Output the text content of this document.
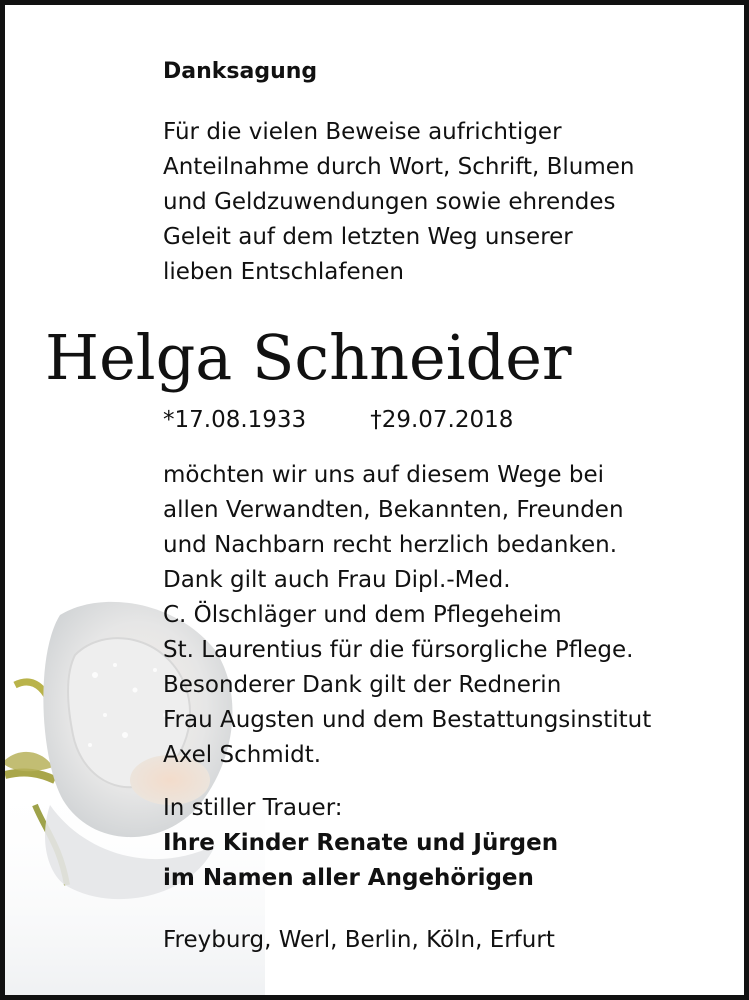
Danksagung
Für die vielen Beweise aufrichtiger
Anteilnahme durch Wort, Schrift, Blumen
und Geldzuwendungen sowie ehrendes
Geleit auf dem letzten Weg unserer
lieben Entschlafenen
Helga Schneider
*17.08.1933	†29.07.2018
möchten wir uns auf diesem Wege bei
allen Verwandten, Bekannten, Freunden
und Nachbarn recht herzlich bedanken.
Dank gilt auch Frau Dipl.-Med.
C. Ölschläger und dem Pflegeheim
St. Laurentius für die fürsorgliche Pflege.
Besonderer Dank gilt der Rednerin
Frau Augsten und dem Bestattungsinstitut
Axel Schmidt.
In stiller Trauer:
Ihre Kinder Renate und Jürgen
im Namen aller Angehörigen
Freyburg, Werl, Berlin, Köln, Erfurt
